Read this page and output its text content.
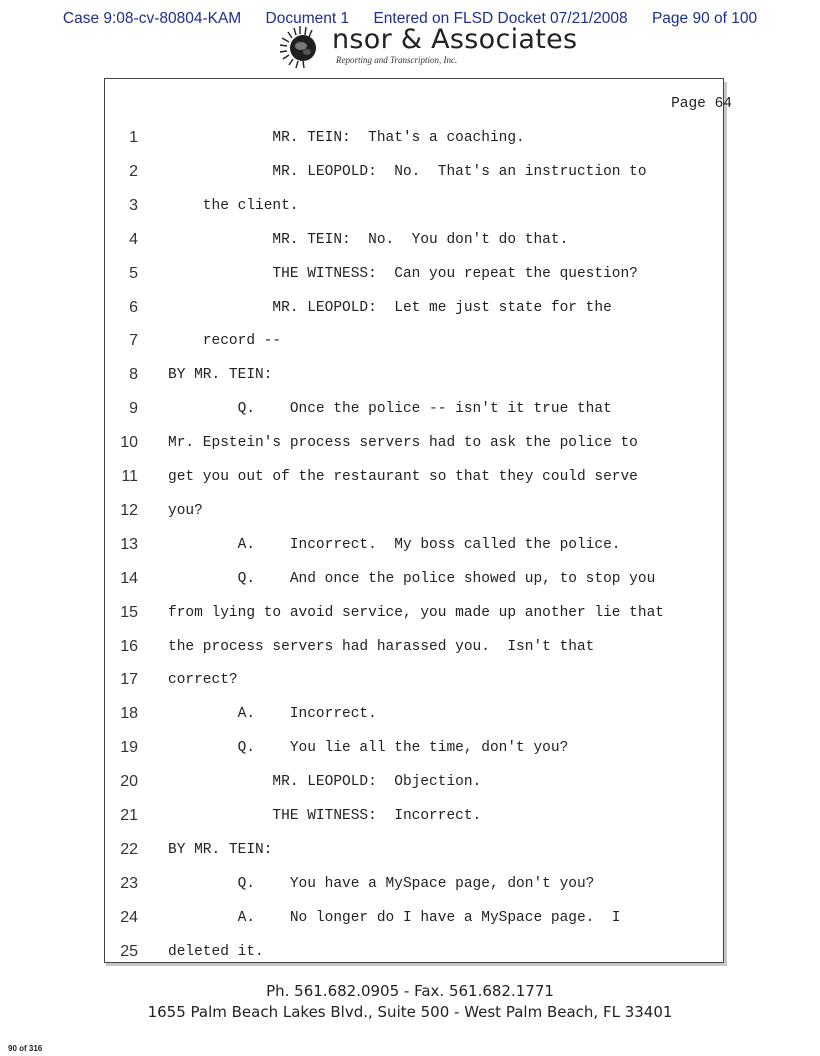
Case 9:08-cv-80804-KAM Document 1 Entered on FLSD Docket 07/21/2008 Page 90 of 100
nsor & Associates
Reporting and Transcription, Inc.
Page 64
1 MR. TEIN:  That's a coaching.
2 MR. LEOPOLD:  No.  That's an instruction to
3 the client.
4 MR. TEIN:  No.  You don't do that.
5 THE WITNESS:  Can you repeat the question?
6 MR. LEOPOLD:  Let me just state for the
7 record --
8 BY MR. TEIN:
9 Q.    Once the police -- isn't it true that
10 Mr. Epstein's process servers had to ask the police to
11 get you out of the restaurant so that they could serve
12 you?
13 A.    Incorrect.  My boss called the police.
14 Q.    And once the police showed up, to stop you
15 from lying to avoid service, you made up another lie that
16 the process servers had harassed you.  Isn't that
17 correct?
18 A.    Incorrect.
19 Q.    You lie all the time, don't you?
20 MR. LEOPOLD:  Objection.
21 THE WITNESS:  Incorrect.
22 BY MR. TEIN:
23 Q.    You have a MySpace page, don't you?
24 A.    No longer do I have a MySpace page.  I
25 deleted it.
Ph. 561.682.0905 - Fax. 561.682.1771
1655 Palm Beach Lakes Blvd., Suite 500 - West Palm Beach, FL 33401
90 of 316
